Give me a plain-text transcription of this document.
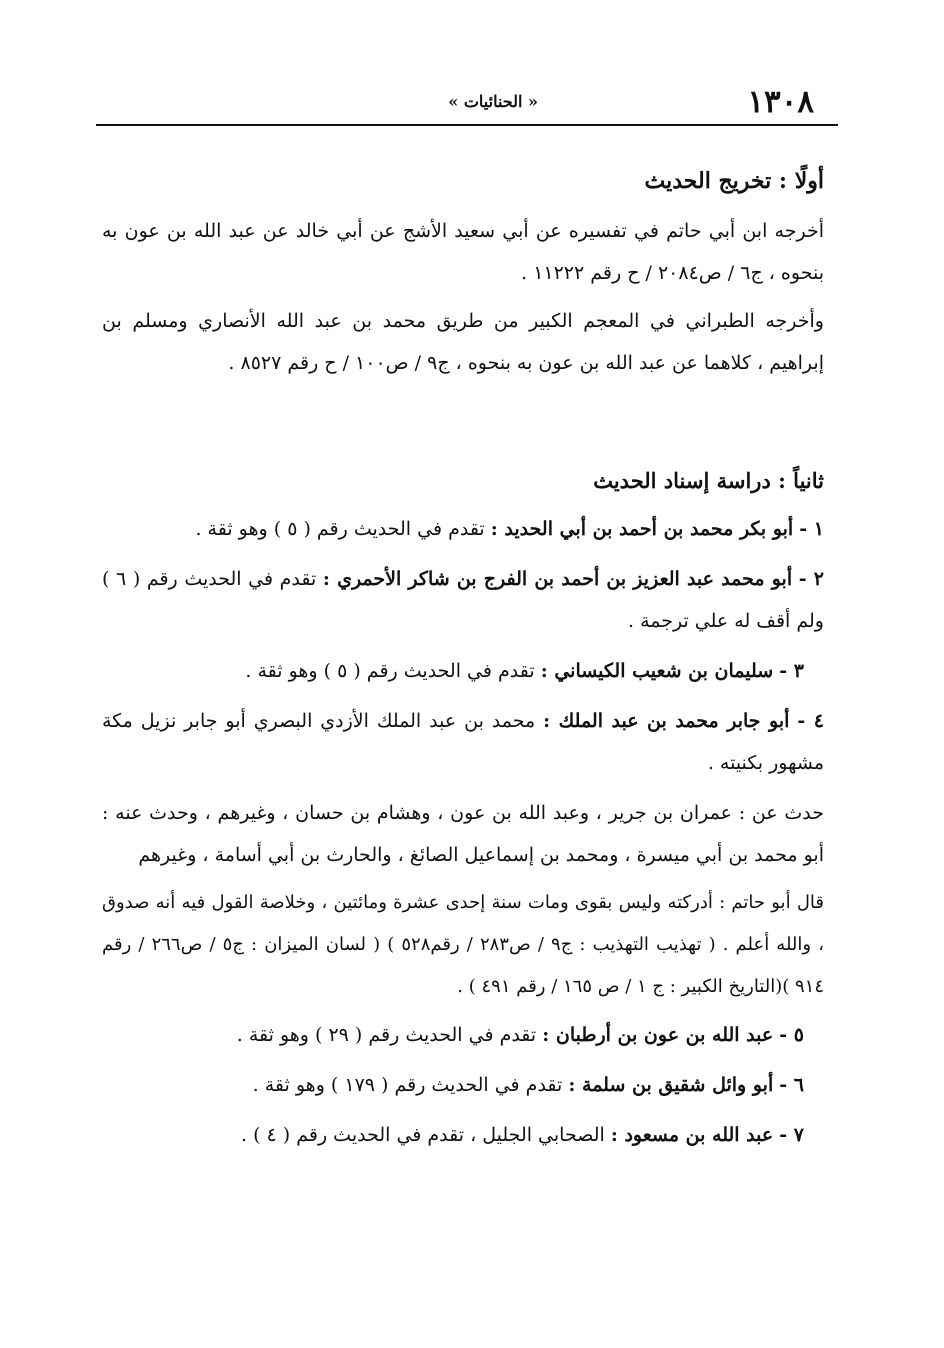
١٣٠٨
« الحنائيات »
أولًا : تخريج الحديث

أخرجه ابن أبي حاتم في تفسيره عن أبي سعيد الأشج عن أبي خالد عن عبد الله بن عون به بنحوه ، ج٦ / ص٢٠٨٤ / ح رقم ١١٢٢٢ .

وأخرجه الطبراني في المعجم الكبير من طريق محمد بن عبد الله الأنصاري ومسلم بن إبراهيم ، كلاهما عن عبد الله بن عون به بنحوه ، ج٩ / ص١٠٠ / ح رقم ٨٥٢٧ .

ثانياً : دراسة إسناد الحديث
١ - أبو بكر محمد بن أحمد بن أبي الحديد : تقدم في الحديث رقم ( ٥ ) وهو ثقة .
٢ - أبو محمد عبد العزيز بن أحمد بن الفرج بن شاكر الأحمري : تقدم في الحديث رقم ( ٦ ) ولم أقف له علي ترجمة .
٣ - سليمان بن شعيب الكيساني : تقدم في الحديث رقم ( ٥ ) وهو ثقة .
٤ - أبو جابر محمد بن عبد الملك : محمد بن عبد الملك الأزدي البصري أبو جابر نزيل مكة مشهور بكنيته .

حدث عن : عمران بن جرير ، وعبد الله بن عون ، وهشام بن حسان ، وغيرهم ، وحدث عنه : أبو محمد بن أبي ميسرة ، ومحمد بن إسماعيل الصائغ ، والحارث بن أبي أسامة ، وغيرهم

قال أبو حاتم : أدركته وليس بقوى ومات سنة إحدى عشرة ومائتين ، وخلاصة القول فيه أنه صدوق ، والله أعلم . ( تهذيب التهذيب : ج٩ / ص٢٨٣ / رقم٥٢٨ ) ( لسان الميزان : ج٥ / ص٢٦٦ / رقم ٩١٤ )(التاريخ الكبير : ج ١ / ص ١٦٥ / رقم ٤٩١ ) .

٥ - عبد الله بن عون بن أرطبان : تقدم في الحديث رقم ( ٢٩ ) وهو ثقة .
٦ - أبو وائل شقيق بن سلمة : تقدم في الحديث رقم ( ١٧٩ ) وهو ثقة .
٧ - عبد الله بن مسعود : الصحابي الجليل ، تقدم في الحديث رقم ( ٤ ) .
